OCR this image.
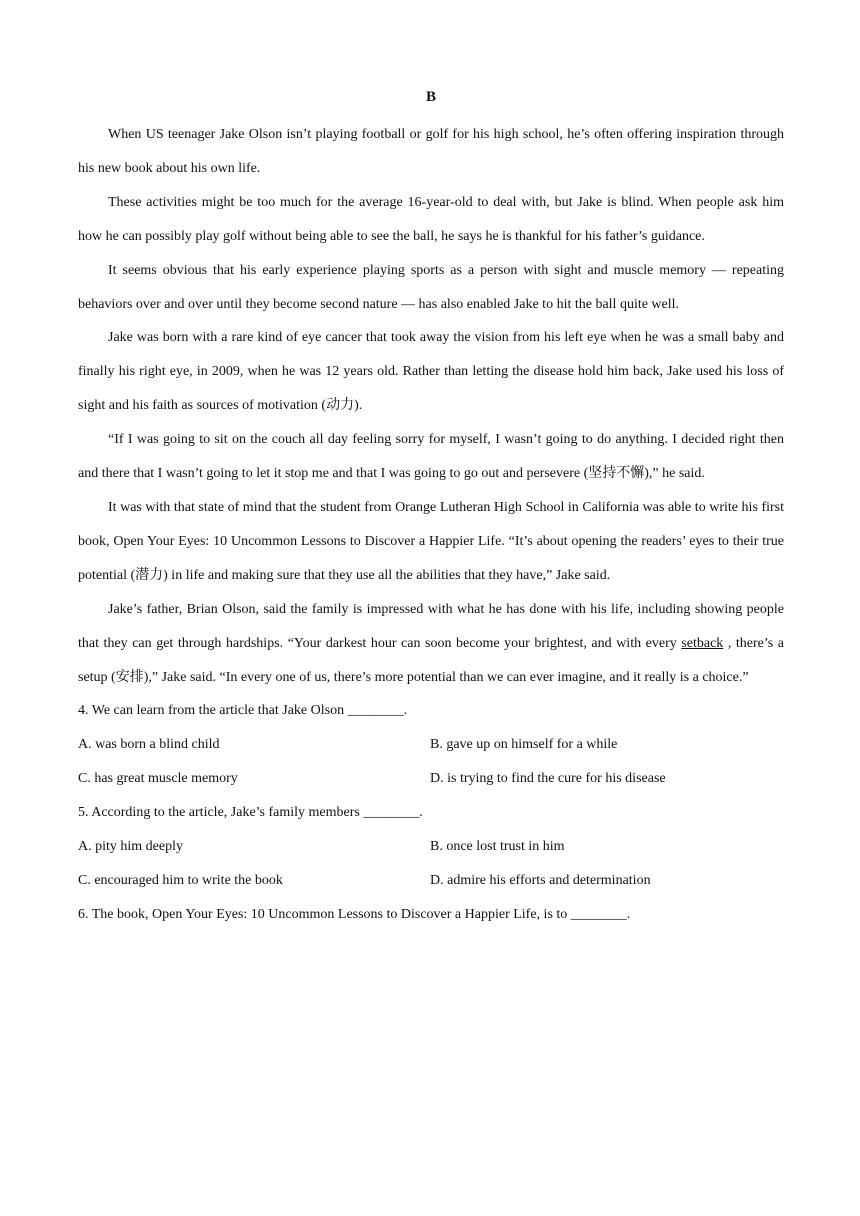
B

When US teenager Jake Olson isn’t playing football or golf for his high school, he’s often offering inspiration through his new book about his own life.

These activities might be too much for the average 16-year-old to deal with, but Jake is blind. When people ask him how he can possibly play golf without being able to see the ball, he says he is thankful for his father’s guidance.

It seems obvious that his early experience playing sports as a person with sight and muscle memory — repeating behaviors over and over until they become second nature — has also enabled Jake to hit the ball quite well.

Jake was born with a rare kind of eye cancer that took away the vision from his left eye when he was a small baby and finally his right eye, in 2009, when he was 12 years old. Rather than letting the disease hold him back, Jake used his loss of sight and his faith as sources of motivation (动力).

“If I was going to sit on the couch all day feeling sorry for myself, I wasn’t going to do anything. I decided right then and there that I wasn’t going to let it stop me and that I was going to go out and persevere (坚持不懈),” he said.

It was with that state of mind that the student from Orange Lutheran High School in California was able to write his first book, Open Your Eyes: 10 Uncommon Lessons to Discover a Happier Life. “It’s about opening the readers’ eyes to their true potential (潜力) in life and making sure that they use all the abilities that they have,” Jake said.

Jake’s father, Brian Olson, said the family is impressed with what he has done with his life, including showing people that they can get through hardships. “Your darkest hour can soon become your brightest, and with every setback , there’s a setup (安排),” Jake said. “In every one of us, there’s more potential than we can ever imagine, and it really is a choice.”

4. We can learn from the article that Jake Olson ________.
A. was born a blind child	B. gave up on himself for a while
C. has great muscle memory	D. is trying to find the cure for his disease
5. According to the article, Jake’s family members ________.
A. pity him deeply	B. once lost trust in him
C. encouraged him to write the book	D. admire his efforts and determination
6. The book, Open Your Eyes: 10 Uncommon Lessons to Discover a Happier Life, is to ________.
